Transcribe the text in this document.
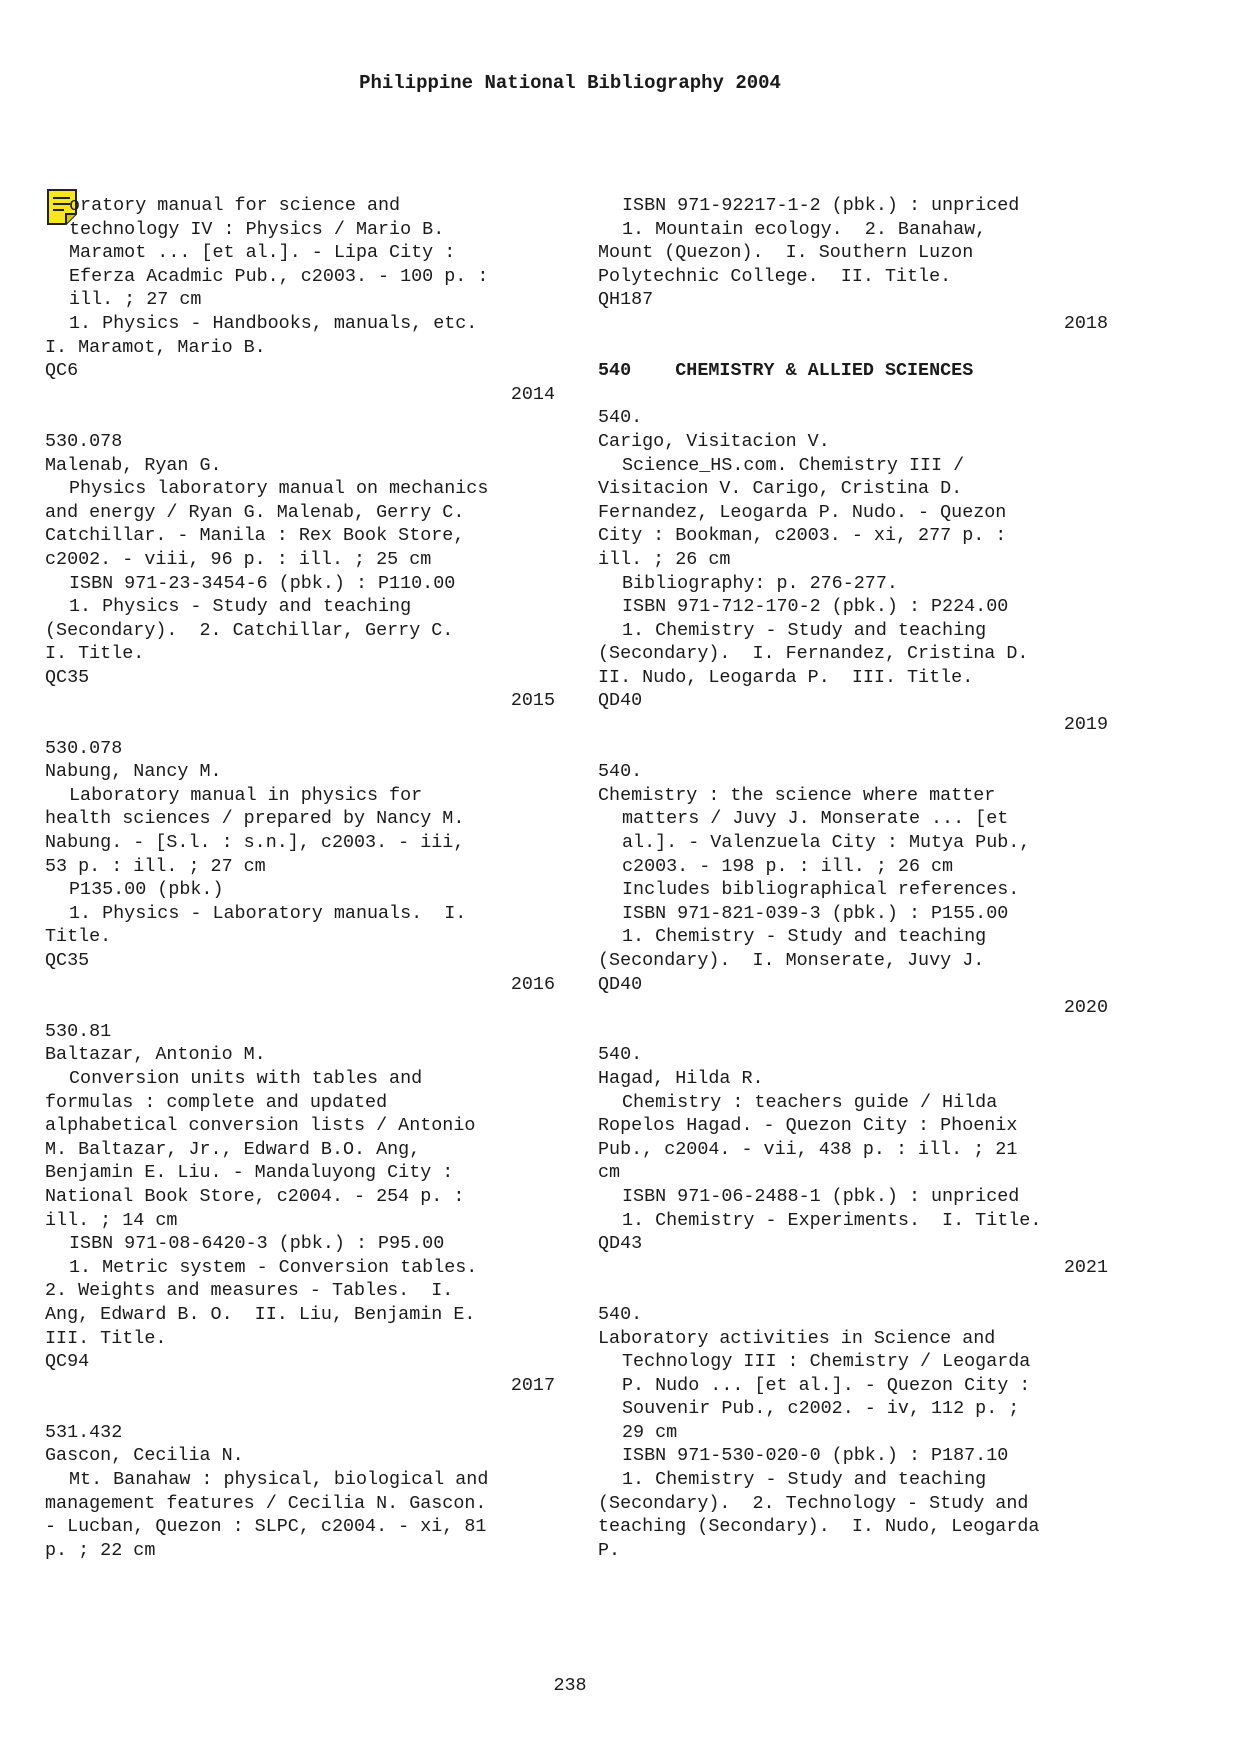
Philippine National Bibliography 2004
oratory manual for science and
technology IV : Physics / Mario B.
Maramot ... [et al.]. - Lipa City :
Eferza Acadmic Pub., c2003. - 100 p. :
ill. ; 27 cm
1. Physics - Handbooks, manuals, etc.
I. Maramot, Mario B.
QC6
2014
530.078
Malenab, Ryan G.
Physics laboratory manual on mechanics
and energy / Ryan G. Malenab, Gerry C.
Catchillar. - Manila : Rex Book Store,
c2002. - viii, 96 p. : ill. ; 25 cm
ISBN 971-23-3454-6 (pbk.) : P110.00
1. Physics - Study and teaching
(Secondary).  2. Catchillar, Gerry C.
I. Title.
QC35
2015
530.078
Nabung, Nancy M.
Laboratory manual in physics for
health sciences / prepared by Nancy M.
Nabung. - [S.l. : s.n.], c2003. - iii,
53 p. : ill. ; 27 cm
P135.00 (pbk.)
1. Physics - Laboratory manuals.  I.
Title.
QC35
2016
530.81
Baltazar, Antonio M.
Conversion units with tables and
formulas : complete and updated
alphabetical conversion lists / Antonio
M. Baltazar, Jr., Edward B.O. Ang,
Benjamin E. Liu. - Mandaluyong City :
National Book Store, c2004. - 254 p. :
ill. ; 14 cm
ISBN 971-08-6420-3 (pbk.) : P95.00
1. Metric system - Conversion tables.
2. Weights and measures - Tables.  I.
Ang, Edward B. O.  II. Liu, Benjamin E.
III. Title.
QC94
2017
531.432
Gascon, Cecilia N.
Mt. Banahaw : physical, biological and
management features / Cecilia N. Gascon.
- Lucban, Quezon : SLPC, c2004. - xi, 81
p. ; 22 cm
ISBN 971-92217-1-2 (pbk.) : unpriced
1. Mountain ecology.  2. Banahaw,
Mount (Quezon).  I. Southern Luzon
Polytechnic College.  II. Title.
QH187
2018
540 CHEMISTRY & ALLIED SCIENCES
540.
Carigo, Visitacion V.
Science_HS.com. Chemistry III /
Visitacion V. Carigo, Cristina D.
Fernandez, Leogarda P. Nudo. - Quezon
City : Bookman, c2003. - xi, 277 p. :
ill. ; 26 cm
Bibliography: p. 276-277.
ISBN 971-712-170-2 (pbk.) : P224.00
1. Chemistry - Study and teaching
(Secondary).  I. Fernandez, Cristina D.
II. Nudo, Leogarda P.  III. Title.
QD40
2019
540.
Chemistry : the science where matter
matters / Juvy J. Monserate ... [et
al.]. - Valenzuela City : Mutya Pub.,
c2003. - 198 p. : ill. ; 26 cm
Includes bibliographical references.
ISBN 971-821-039-3 (pbk.) : P155.00
1. Chemistry - Study and teaching
(Secondary).  I. Monserate, Juvy J.
QD40
2020
540.
Hagad, Hilda R.
Chemistry : teachers guide / Hilda
Ropelos Hagad. - Quezon City : Phoenix
Pub., c2004. - vii, 438 p. : ill. ; 21
cm
ISBN 971-06-2488-1 (pbk.) : unpriced
1. Chemistry - Experiments.  I. Title.
QD43
2021
540.
Laboratory activities in Science and
Technology III : Chemistry / Leogarda
P. Nudo ... [et al.]. - Quezon City :
Souvenir Pub., c2002. - iv, 112 p. ;
29 cm
ISBN 971-530-020-0 (pbk.) : P187.10
1. Chemistry - Study and teaching
(Secondary).  2. Technology - Study and
teaching (Secondary).  I. Nudo, Leogarda
P.
238
